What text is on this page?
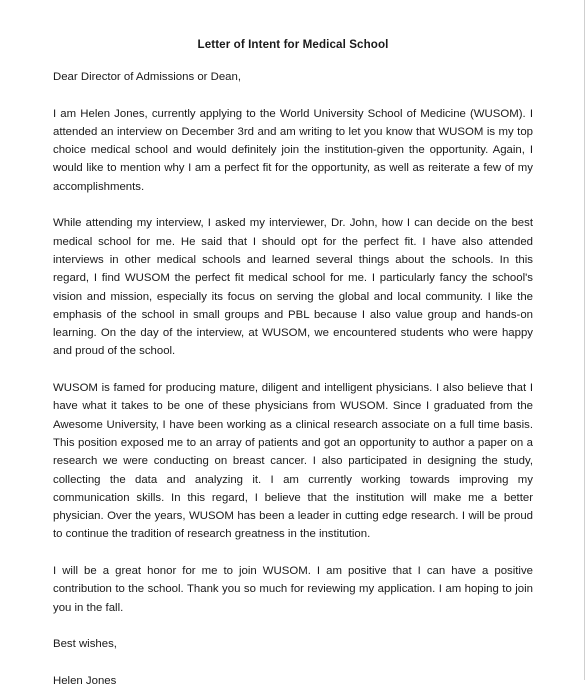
Letter of Intent for Medical School
Dear Director of Admissions or Dean,
I am Helen Jones, currently applying to the World University School of Medicine (WUSOM). I attended an interview on December 3rd and am writing to let you know that WUSOM is my top choice medical school and would definitely join the institution-given the opportunity. Again, I would like to mention why I am a perfect fit for the opportunity, as well as reiterate a few of my accomplishments.
While attending my interview, I asked my interviewer, Dr. John, how I can decide on the best medical school for me. He said that I should opt for the perfect fit. I have also attended interviews in other medical schools and learned several things about the schools. In this regard, I find WUSOM the perfect fit medical school for me. I particularly fancy the school's vision and mission, especially its focus on serving the global and local community. I like the emphasis of the school in small groups and PBL because I also value group and hands-on learning. On the day of the interview, at WUSOM, we encountered students who were happy and proud of the school.
WUSOM is famed for producing mature, diligent and intelligent physicians. I also believe that I have what it takes to be one of these physicians from WUSOM. Since I graduated from the Awesome University, I have been working as a clinical research associate on a full time basis. This position exposed me to an array of patients and got an opportunity to author a paper on a research we were conducting on breast cancer. I also participated in designing the study, collecting the data and analyzing it. I am currently working towards improving my communication skills. In this regard, I believe that the institution will make me a better physician. Over the years, WUSOM has been a leader in cutting edge research. I will be proud to continue the tradition of research greatness in the institution.
I will be a great honor for me to join WUSOM. I am positive that I can have a positive contribution to the school. Thank you so much for reviewing my application. I am hoping to join you in the fall.
Best wishes,
Helen Jones
